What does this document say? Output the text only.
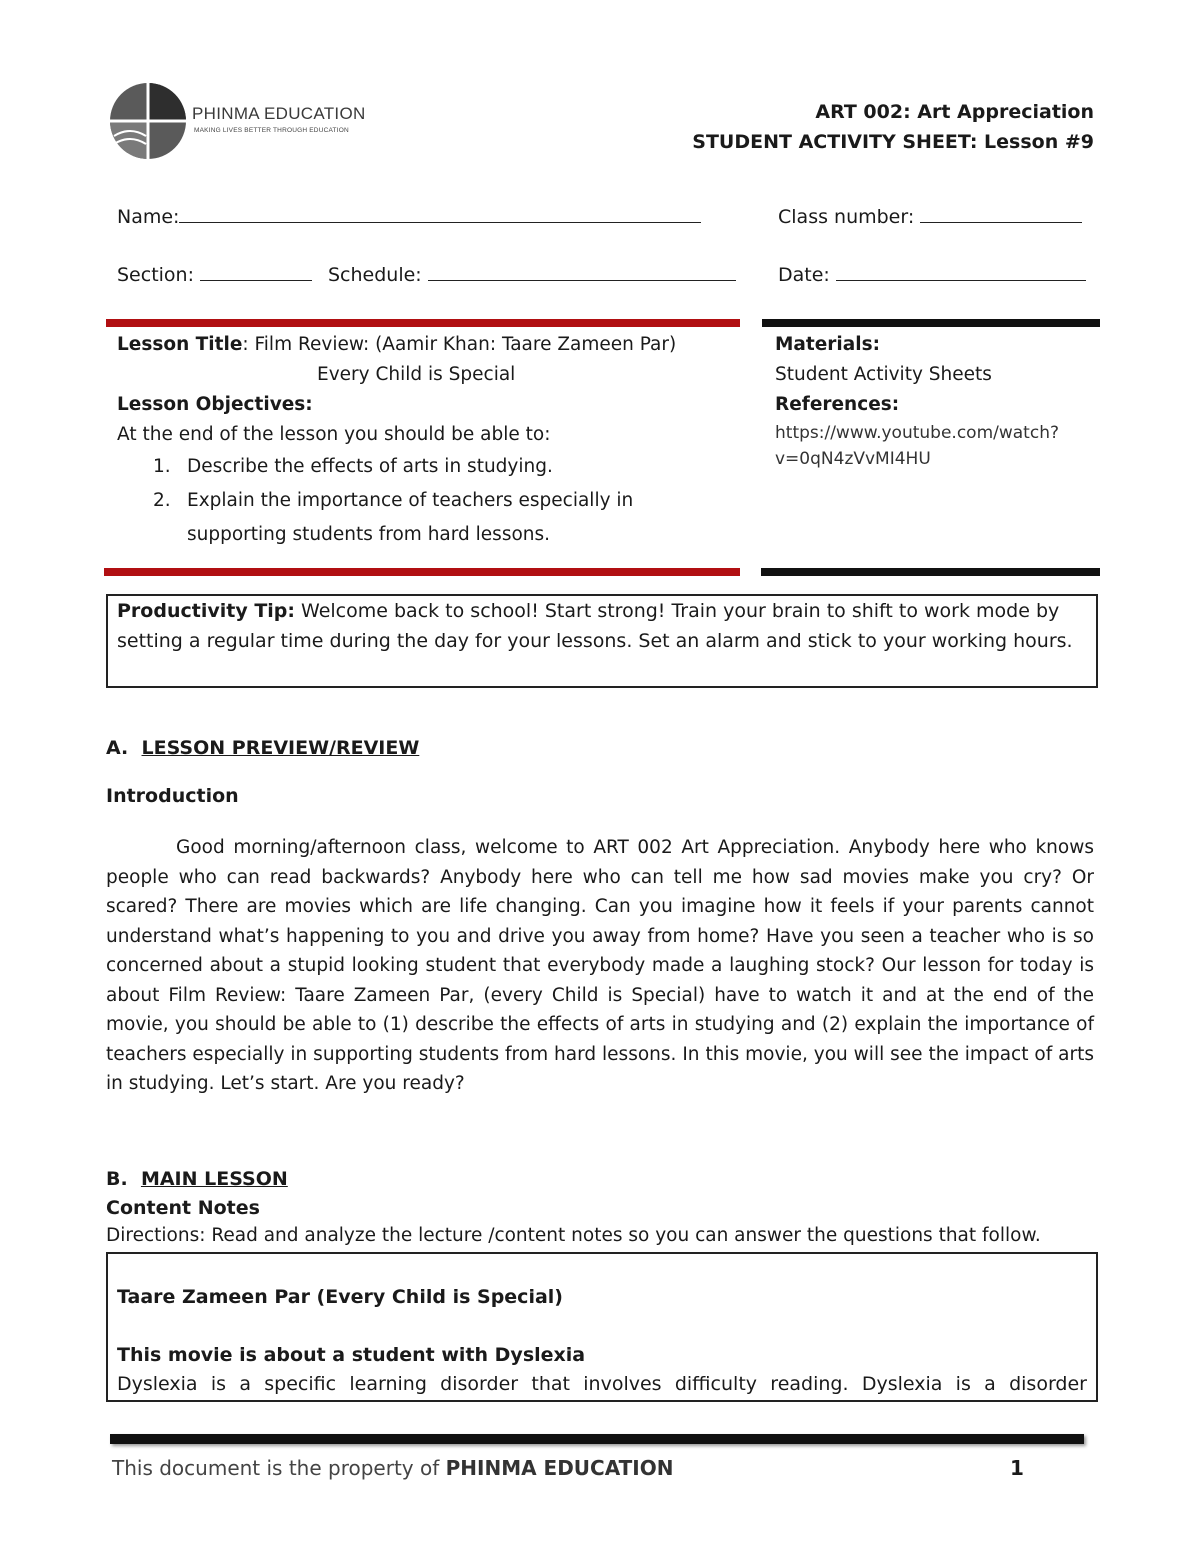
PHINMA EDUCATION
MAKING LIVES BETTER THROUGH EDUCATION
ART 002: Art Appreciation
STUDENT ACTIVITY SHEET: Lesson #9
Name:	Class number:
Section:	Schedule:	Date:
Lesson Title: Film Review: (Aamir Khan: Taare Zameen Par)
Every Child is Special
Lesson Objectives:
At the end of the lesson you should be able to:
1. Describe the effects of arts in studying.
2. Explain the importance of teachers especially in supporting students from hard lessons.
Materials:
Student Activity Sheets
References:
https://www.youtube.com/watch?
v=0qN4zVvMI4HU
Productivity Tip: Welcome back to school! Start strong! Train your brain to shift to work mode by setting a regular time during the day for your lessons. Set an alarm and stick to your working hours.
A. LESSON PREVIEW/REVIEW
Introduction
Good morning/afternoon class, welcome to ART 002 Art Appreciation. Anybody here who knows people who can read backwards? Anybody here who can tell me how sad movies make you cry? Or scared? There are movies which are life changing. Can you imagine how it feels if your parents cannot understand what’s happening to you and drive you away from home? Have you seen a teacher who is so concerned about a stupid looking student that everybody made a laughing stock? Our lesson for today is about Film Review: Taare Zameen Par, (every Child is Special) have to watch it and at the end of the movie, you should be able to (1) describe the effects of arts in studying and (2) explain the importance of teachers especially in supporting students from hard lessons. In this movie, you will see the impact of arts in studying. Let’s start. Are you ready?
B. MAIN LESSON
Content Notes
Directions: Read and analyze the lecture /content notes so you can answer the questions that follow.
Taare Zameen Par (Every Child is Special)
This movie is about a student with Dyslexia
Dyslexia is a specific learning disorder that involves difficulty reading. Dyslexia is a disorder
This document is the property of PHINMA EDUCATION	1
